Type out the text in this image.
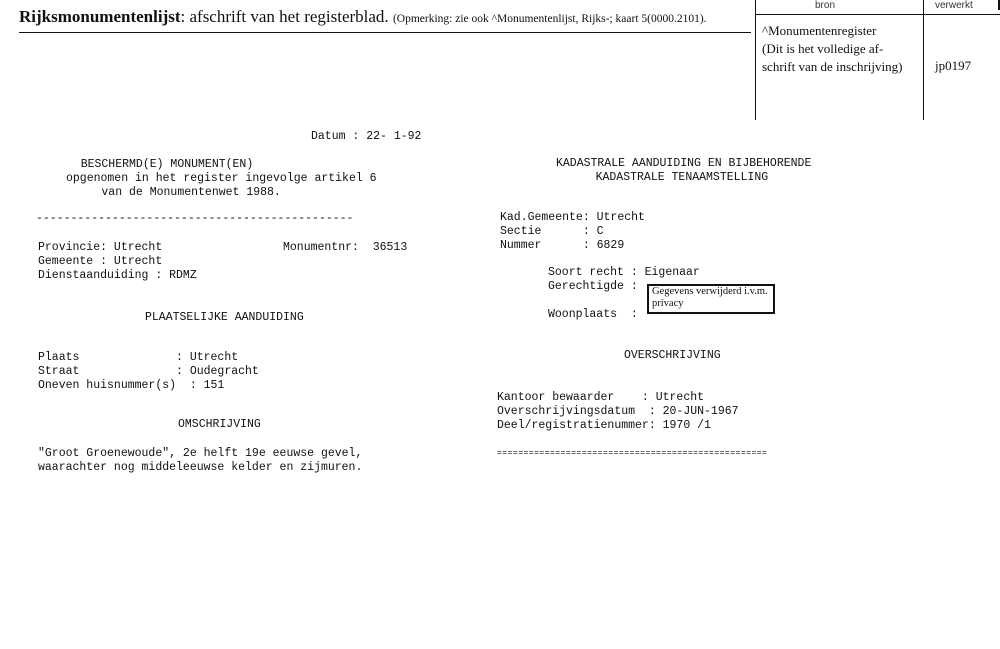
Rijksmonumentenlijst: afschrift van het registerblad. (Opmerking: zie ook ^Monumentenlijst, Rijks-; kaart 5(0000.2101).
bron	verwerkt
^Monumentenregister
(Dit is het volledige af-
schrift van de inschrijving)	jp0197
Datum : 22- 1-92
BESCHERMD(E) MONUMENT(EN)
opgenomen in het register ingevolge artikel 6
van de Monumentenwet 1988.
----------------------------------------------
Provincie: Utrecht	Monumentnr:  36513
Gemeente : Utrecht
Dienstaanduiding : RDMZ
PLAATSELIJKE AANDUIDING
Plaats              : Utrecht
Straat              : Oudegracht
Oneven huisnummer(s)  : 151
OMSCHRIJVING
"Groot Groenewoude", 2e helft 19e eeuwse gevel,
waarachter nog middeleeuwse kelder en zijmuren.
KADASTRALE AANDUIDING EN BIJBEHORENDE
KADASTRALE TENAAMSTELLING
Kad.Gemeente: Utrecht
Sectie      : C
Nummer      : 6829
Soort recht : Eigenaar
Gerechtigde :	Gegevens verwijderd i.v.m. privacy
Woonplaats  :
OVERSCHRIJVING
Kantoor bewaarder    : Utrecht
Overschrijvingsdatum  : 20-JUN-1967
Deel/registratienummer: 1970 /1
===================================================
